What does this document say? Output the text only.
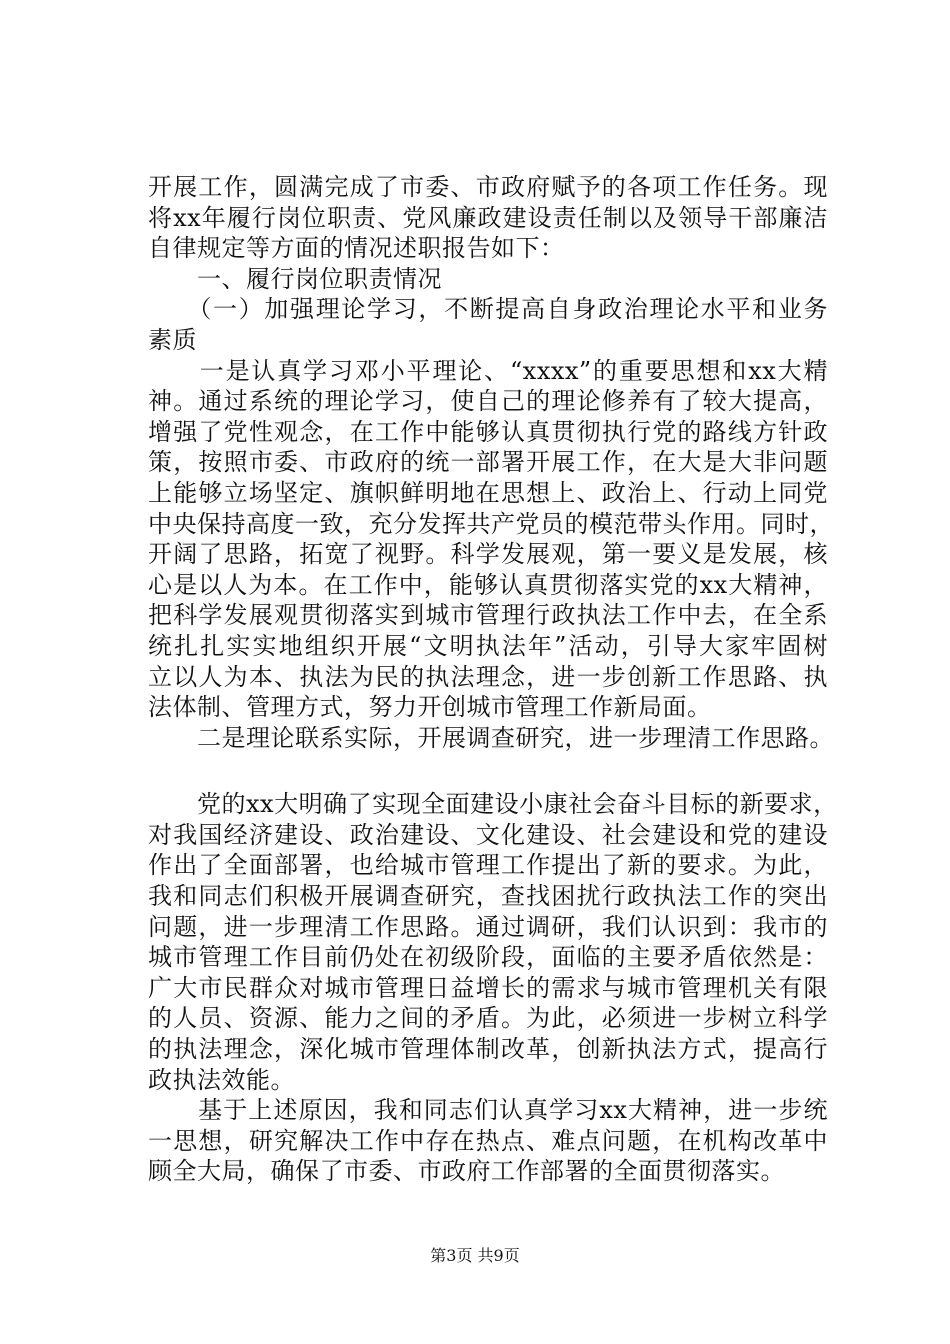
开展工作，圆满完成了市委、市政府赋予的各项工作任务。现
将xx年履行岗位职责、党风廉政建设责任制以及领导干部廉洁
自律规定等方面的情况述职报告如下：
　　一、履行岗位职责情况
　　（一）加强理论学习，不断提高自身政治理论水平和业务
素质
　　一是认真学习邓小平理论、“xxxx”的重要思想和xx大精
神。通过系统的理论学习，使自己的理论修养有了较大提高，
增强了党性观念，在工作中能够认真贯彻执行党的路线方针政
策，按照市委、市政府的统一部署开展工作，在大是大非问题
上能够立场坚定、旗帜鲜明地在思想上、政治上、行动上同党
中央保持高度一致，充分发挥共产党员的模范带头作用。同时，
开阔了思路，拓宽了视野。科学发展观，第一要义是发展，核
心是以人为本。在工作中，能够认真贯彻落实党的xx大精神，
把科学发展观贯彻落实到城市管理行政执法工作中去，在全系
统扎扎实实地组织开展“文明执法年”活动，引导大家牢固树
立以人为本、执法为民的执法理念，进一步创新工作思路、执
法体制、管理方式，努力开创城市管理工作新局面。
　　二是理论联系实际，开展调查研究，进一步理清工作思路。
　　党的xx大明确了实现全面建设小康社会奋斗目标的新要求，
对我国经济建设、政治建设、文化建设、社会建设和党的建设
作出了全面部署，也给城市管理工作提出了新的要求。为此，
我和同志们积极开展调查研究，查找困扰行政执法工作的突出
问题，进一步理清工作思路。通过调研，我们认识到：我市的
城市管理工作目前仍处在初级阶段，面临的主要矛盾依然是：
广大市民群众对城市管理日益增长的需求与城市管理机关有限
的人员、资源、能力之间的矛盾。为此，必须进一步树立科学
的执法理念，深化城市管理体制改革，创新执法方式，提高行
政执法效能。
　　基于上述原因，我和同志们认真学习xx大精神，进一步统
一思想，研究解决工作中存在热点、难点问题，在机构改革中
顾全大局，确保了市委、市政府工作部署的全面贯彻落实。
第3页 共9页
